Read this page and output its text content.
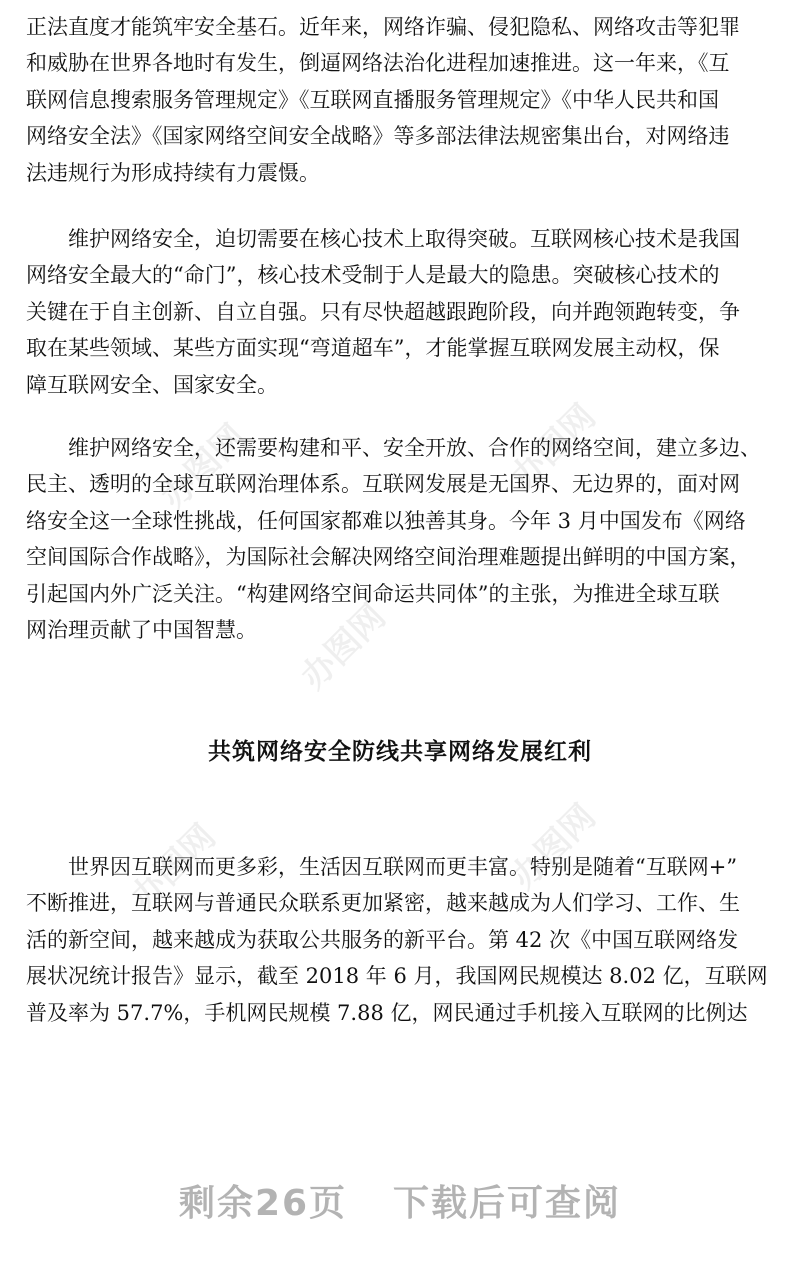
办图网	办图网
办图网
办图网	办图网
正法直度才能筑牢安全基石。近年来，网络诈骗、侵犯隐私、网络攻击等犯罪
和威胁在世界各地时有发生，倒逼网络法治化进程加速推进。这一年来，《互
联网信息搜索服务管理规定》《互联网直播服务管理规定》《中华人民共和国
网络安全法》《国家网络空间安全战略》等多部法律法规密集出台，对网络违
法违规行为形成持续有力震慑。
维护网络安全，迫切需要在核心技术上取得突破。互联网核心技术是我国
网络安全最大的“命门”，核心技术受制于人是最大的隐患。突破核心技术的
关键在于自主创新、自立自强。只有尽快超越跟跑阶段，向并跑领跑转变，争
取在某些领域、某些方面实现“弯道超车”，才能掌握互联网发展主动权，保
障互联网安全、国家安全。
维护网络安全，还需要构建和平、安全开放、合作的网络空间，建立多边、
民主、透明的全球互联网治理体系。互联网发展是无国界、无边界的，面对网
络安全这一全球性挑战，任何国家都难以独善其身。今年 3 月中国发布《网络
空间国际合作战略》，为国际社会解决网络空间治理难题提出鲜明的中国方案，
引起国内外广泛关注。“构建网络空间命运共同体”的主张，为推进全球互联
网治理贡献了中国智慧。
共筑网络安全防线共享网络发展红利
世界因互联网而更多彩，生活因互联网而更丰富。特别是随着“互联网+”
不断推进，互联网与普通民众联系更加紧密，越来越成为人们学习、工作、生
活的新空间，越来越成为获取公共服务的新平台。第 42 次《中国互联网络发
展状况统计报告》显示，截至 2018 年 6 月，我国网民规模达 8.02 亿，互联网
普及率为 57.7%，手机网民规模 7.88 亿，网民通过手机接入互联网的比例达
剩余26页 下载后可查阅
